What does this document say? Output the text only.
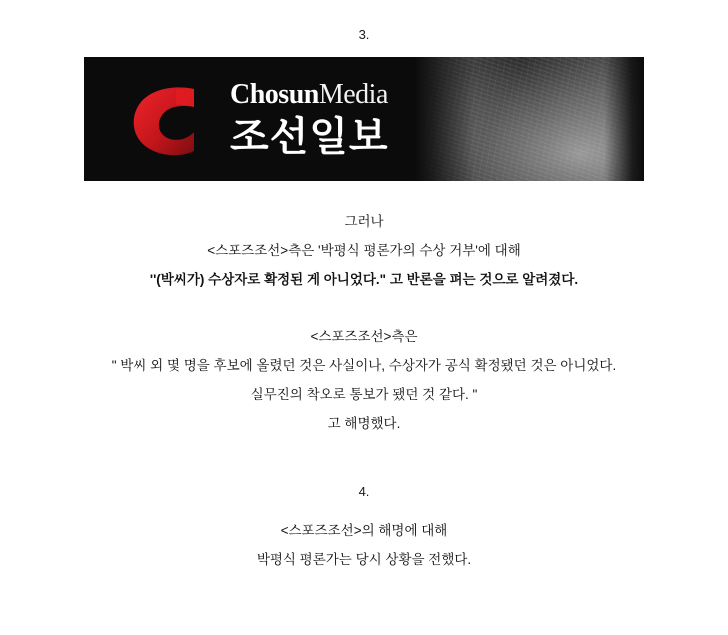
3.
ChosunMedia
조선일보
그러나
<스포즈조선>측은 '박평식 평론가의 수상 거부'에 대해
''(박씨가) 수상자로 확정된 게 아니었다." 고 반론을 펴는 것으로 알려졌다.
<스포즈조선>측은
" 박씨 외 몇 명을 후보에 올렸던 것은 사실이나, 수상자가 공식 확정됐던 것은 아니었다.
실무진의 착오로 통보가 됐던 것 같다. "
고 해명했다.
4.
<스포즈조선>의 해명에 대해
박평식 평론가는 당시 상황을 전했다.
